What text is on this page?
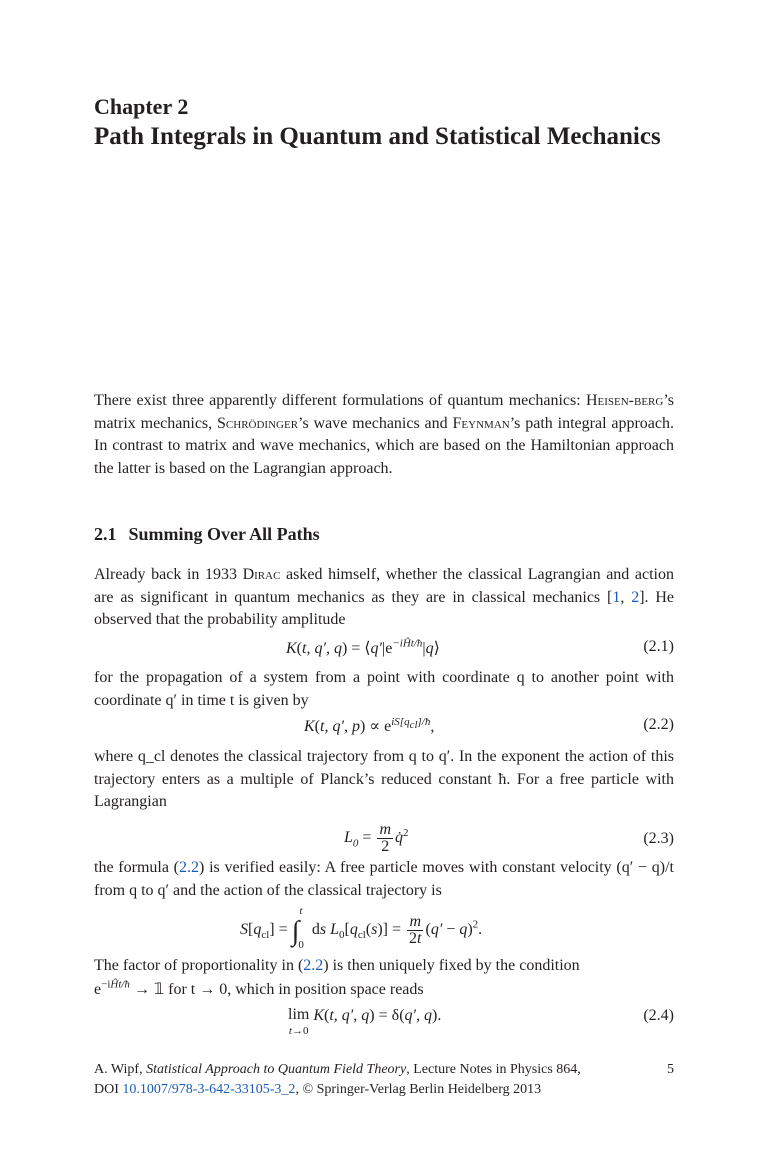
Chapter 2
Path Integrals in Quantum and Statistical Mechanics
There exist three apparently different formulations of quantum mechanics: Heisen-berg’s matrix mechanics, Schrödinger’s wave mechanics and Feynman’s path integral approach. In contrast to matrix and wave mechanics, which are based on the Hamiltonian approach the latter is based on the Lagrangian approach.
2.1 Summing Over All Paths
Already back in 1933 Dirac asked himself, whether the classical Lagrangian and action are as significant in quantum mechanics as they are in classical mechanics [1, 2]. He observed that the probability amplitude
K(t, q′, $q) = ⟨q'|e^{-iĤt/ħ}|q⟩$	(2.1)
for the propagation of a system from a point with coordinate q to another point with coordinate q′ in time t is given by
K(t, q′, $p) \propto e^{iS[q_{cl}]/ħ}$,	(2.2)
where q_cl denotes the classical trajectory from q to q′. In the exponent the action of this trajectory enters as a multiple of Planck’s reduced constant ħ. For a free particle with Lagrangian
$L_0 = \frac{m}{2}$ q̇$^2$	(2.3)
the formula (2.2) is verified easily: A free particle moves with constant velocity (q′ − q)/t from q to q′ and the action of the classical trajectory is
$S[q_{cl}] = \int^t_0$ ds $L_0[q_{cl}(s)] = \frac{m}{2t} (q' - q)^2$.
The factor of proportionality in (2.2) is then uniquely fixed by the condition
$e^{-iĤt/ħ}$ → 𝟙 for t → 0, which in position space reads
lim
t→0
K(t, q′, q) = δ(q′, q).	(2.4)
A. Wipf, Statistical Approach to Quantum Field Theory, Lecture Notes in Physics 864,
DOI 10.1007/978-3-642-33105-3_2, © Springer-Verlag Berlin Heidelberg 2013
5
